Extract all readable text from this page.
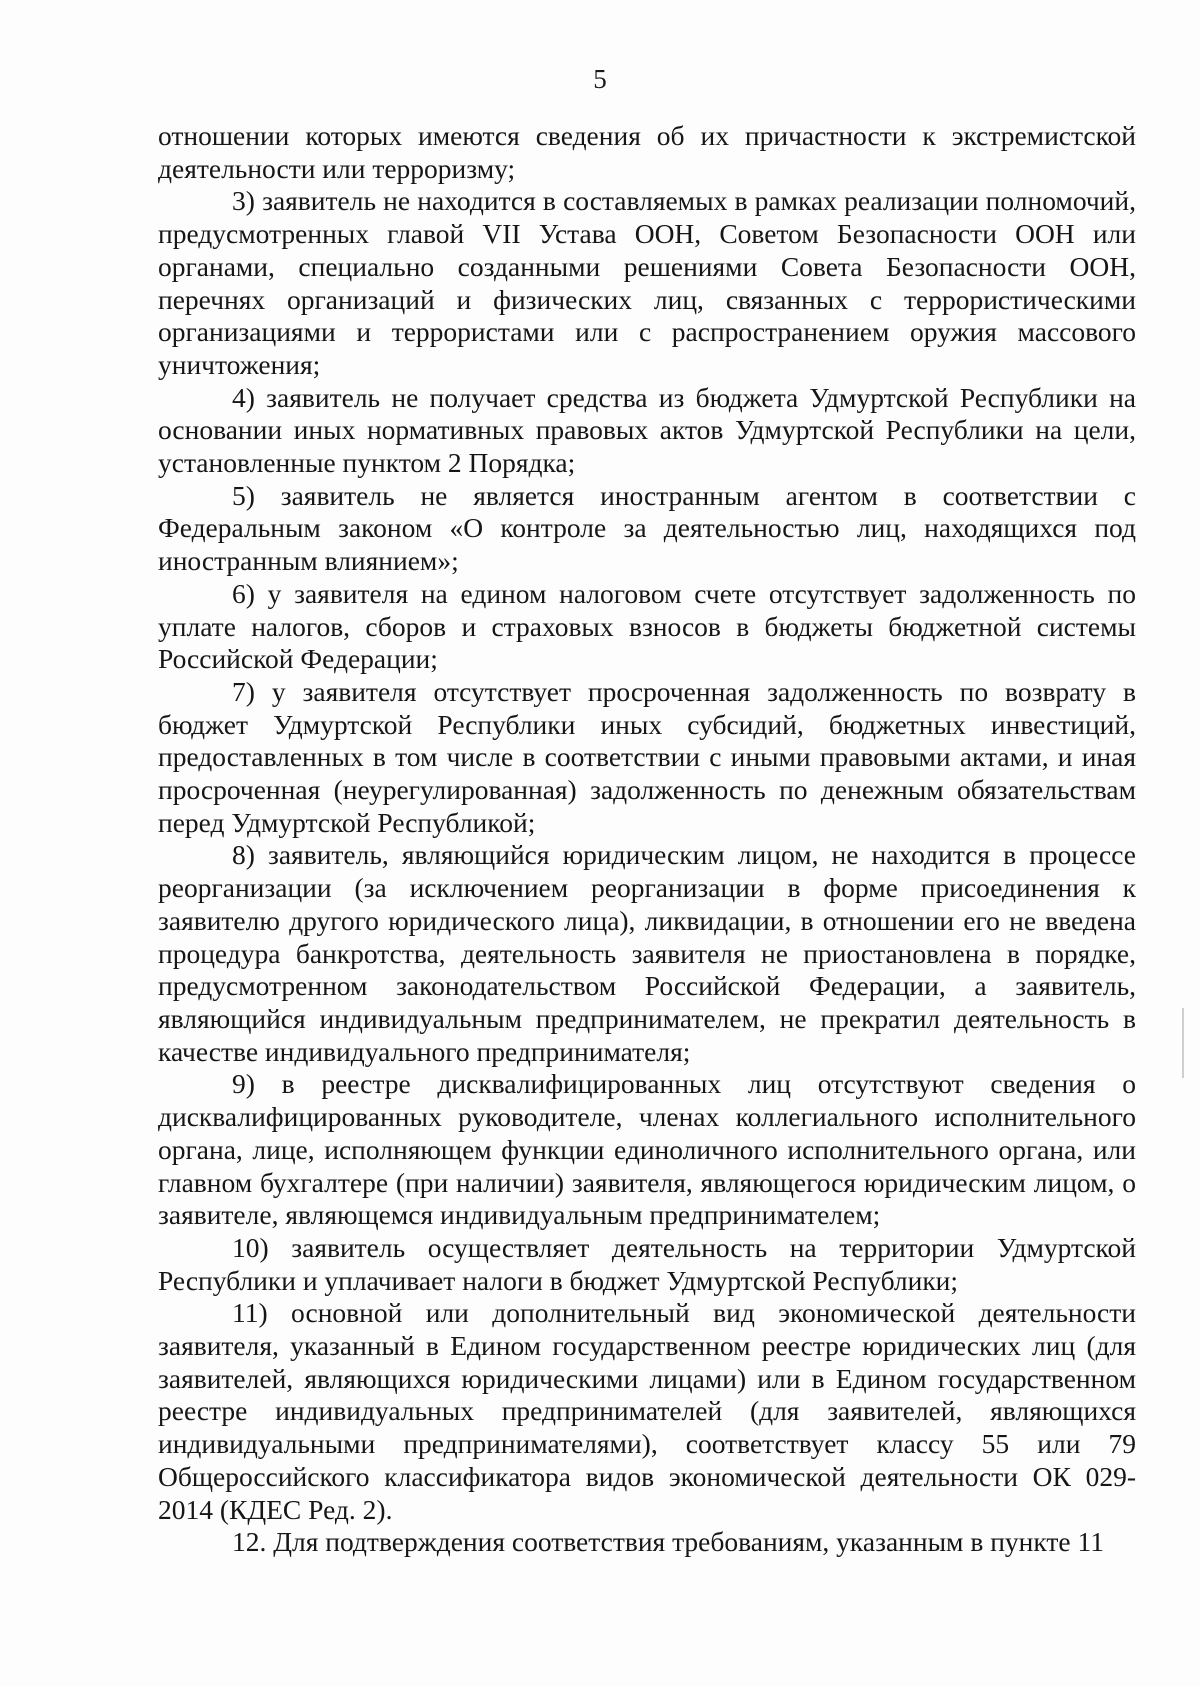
5

отношении которых имеются сведения об их причастности к экстремистской деятельности или терроризму;

3) заявитель не находится в составляемых в рамках реализации полномочий, предусмотренных главой VII Устава ООН, Советом Безопасности ООН или органами, специально созданными решениями Совета Безопасности ООН, перечнях организаций и физических лиц, связанных с террористическими организациями и террористами или с распространением оружия массового уничтожения;

4) заявитель не получает средства из бюджета Удмуртской Республики на основании иных нормативных правовых актов Удмуртской Республики на цели, установленные пунктом 2 Порядка;

5) заявитель не является иностранным агентом в соответствии с Федеральным законом «О контроле за деятельностью лиц, находящихся под иностранным влиянием»;

6) у заявителя на едином налоговом счете отсутствует задолженность по уплате налогов, сборов и страховых взносов в бюджеты бюджетной системы Российской Федерации;

7) у заявителя отсутствует просроченная задолженность по возврату в бюджет Удмуртской Республики иных субсидий, бюджетных инвестиций, предоставленных в том числе в соответствии с иными правовыми актами, и иная просроченная (неурегулированная) задолженность по денежным обязательствам перед Удмуртской Республикой;

8) заявитель, являющийся юридическим лицом, не находится в процессе реорганизации (за исключением реорганизации в форме присоединения к заявителю другого юридического лица), ликвидации, в отношении его не введена процедура банкротства, деятельность заявителя не приостановлена в порядке, предусмотренном законодательством Российской Федерации, а заявитель, являющийся индивидуальным предпринимателем, не прекратил деятельность в качестве индивидуального предпринимателя;

9) в реестре дисквалифицированных лиц отсутствуют сведения о дисквалифицированных руководителе, членах коллегиального исполнительного органа, лице, исполняющем функции единоличного исполнительного органа, или главном бухгалтере (при наличии) заявителя, являющегося юридическим лицом, о заявителе, являющемся индивидуальным предпринимателем;

10) заявитель осуществляет деятельность на территории Удмуртской Республики и уплачивает налоги в бюджет Удмуртской Республики;

11) основной или дополнительный вид экономической деятельности заявителя, указанный в Едином государственном реестре юридических лиц (для заявителей, являющихся юридическими лицами) или в Едином государственном реестре индивидуальных предпринимателей (для заявителей, являющихся индивидуальными предпринимателями), соответствует классу 55 или 79 Общероссийского классификатора видов экономической деятельности ОК 029-2014 (КДЕС Ред. 2).

12. Для подтверждения соответствия требованиям, указанным в пункте 11
